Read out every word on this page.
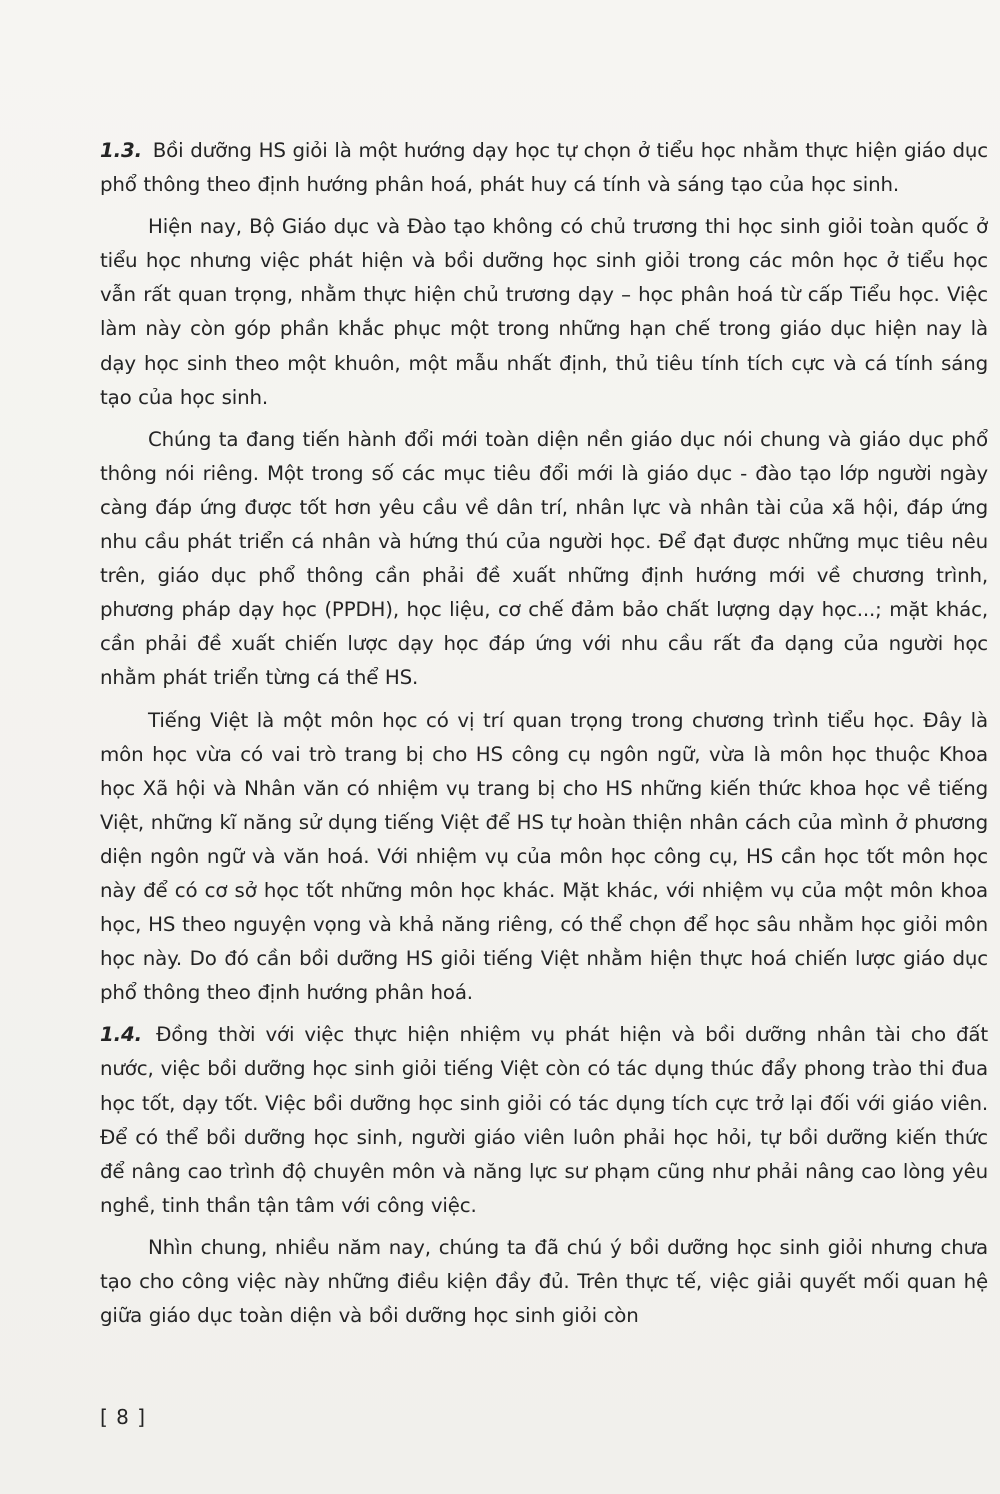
1.3. Bồi dưỡng HS giỏi là một hướng dạy học tự chọn ở tiểu học nhằm thực hiện giáo dục phổ thông theo định hướng phân hoá, phát huy cá tính và sáng tạo của học sinh.

Hiện nay, Bộ Giáo dục và Đào tạo không có chủ trương thi học sinh giỏi toàn quốc ở tiểu học nhưng việc phát hiện và bồi dưỡng học sinh giỏi trong các môn học ở tiểu học vẫn rất quan trọng, nhằm thực hiện chủ trương dạy – học phân hoá từ cấp Tiểu học. Việc làm này còn góp phần khắc phục một trong những hạn chế trong giáo dục hiện nay là dạy học sinh theo một khuôn, một mẫu nhất định, thủ tiêu tính tích cực và cá tính sáng tạo của học sinh.

Chúng ta đang tiến hành đổi mới toàn diện nền giáo dục nói chung và giáo dục phổ thông nói riêng. Một trong số các mục tiêu đổi mới là giáo dục - đào tạo lớp người ngày càng đáp ứng được tốt hơn yêu cầu về dân trí, nhân lực và nhân tài của xã hội, đáp ứng nhu cầu phát triển cá nhân và hứng thú của người học. Để đạt được những mục tiêu nêu trên, giáo dục phổ thông cần phải đề xuất những định hướng mới về chương trình, phương pháp dạy học (PPDH), học liệu, cơ chế đảm bảo chất lượng dạy học...; mặt khác, cần phải đề xuất chiến lược dạy học đáp ứng với nhu cầu rất đa dạng của người học nhằm phát triển từng cá thể HS.

Tiếng Việt là một môn học có vị trí quan trọng trong chương trình tiểu học. Đây là môn học vừa có vai trò trang bị cho HS công cụ ngôn ngữ, vừa là môn học thuộc Khoa học Xã hội và Nhân văn có nhiệm vụ trang bị cho HS những kiến thức khoa học về tiếng Việt, những kĩ năng sử dụng tiếng Việt để HS tự hoàn thiện nhân cách của mình ở phương diện ngôn ngữ và văn hoá. Với nhiệm vụ của môn học công cụ, HS cần học tốt môn học này để có cơ sở học tốt những môn học khác. Mặt khác, với nhiệm vụ của một môn khoa học, HS theo nguyện vọng và khả năng riêng, có thể chọn để học sâu nhằm học giỏi môn học này. Do đó cần bồi dưỡng HS giỏi tiếng Việt nhằm hiện thực hoá chiến lược giáo dục phổ thông theo định hướng phân hoá.

1.4. Đồng thời với việc thực hiện nhiệm vụ phát hiện và bồi dưỡng nhân tài cho đất nước, việc bồi dưỡng học sinh giỏi tiếng Việt còn có tác dụng thúc đẩy phong trào thi đua học tốt, dạy tốt. Việc bồi dưỡng học sinh giỏi có tác dụng tích cực trở lại đối với giáo viên. Để có thể bồi dưỡng học sinh, người giáo viên luôn phải học hỏi, tự bồi dưỡng kiến thức để nâng cao trình độ chuyên môn và năng lực sư phạm cũng như phải nâng cao lòng yêu nghề, tinh thần tận tâm với công việc.

Nhìn chung, nhiều năm nay, chúng ta đã chú ý bồi dưỡng học sinh giỏi nhưng chưa tạo cho công việc này những điều kiện đầy đủ. Trên thực tế, việc giải quyết mối quan hệ giữa giáo dục toàn diện và bồi dưỡng học sinh giỏi còn

[ 8 ]
